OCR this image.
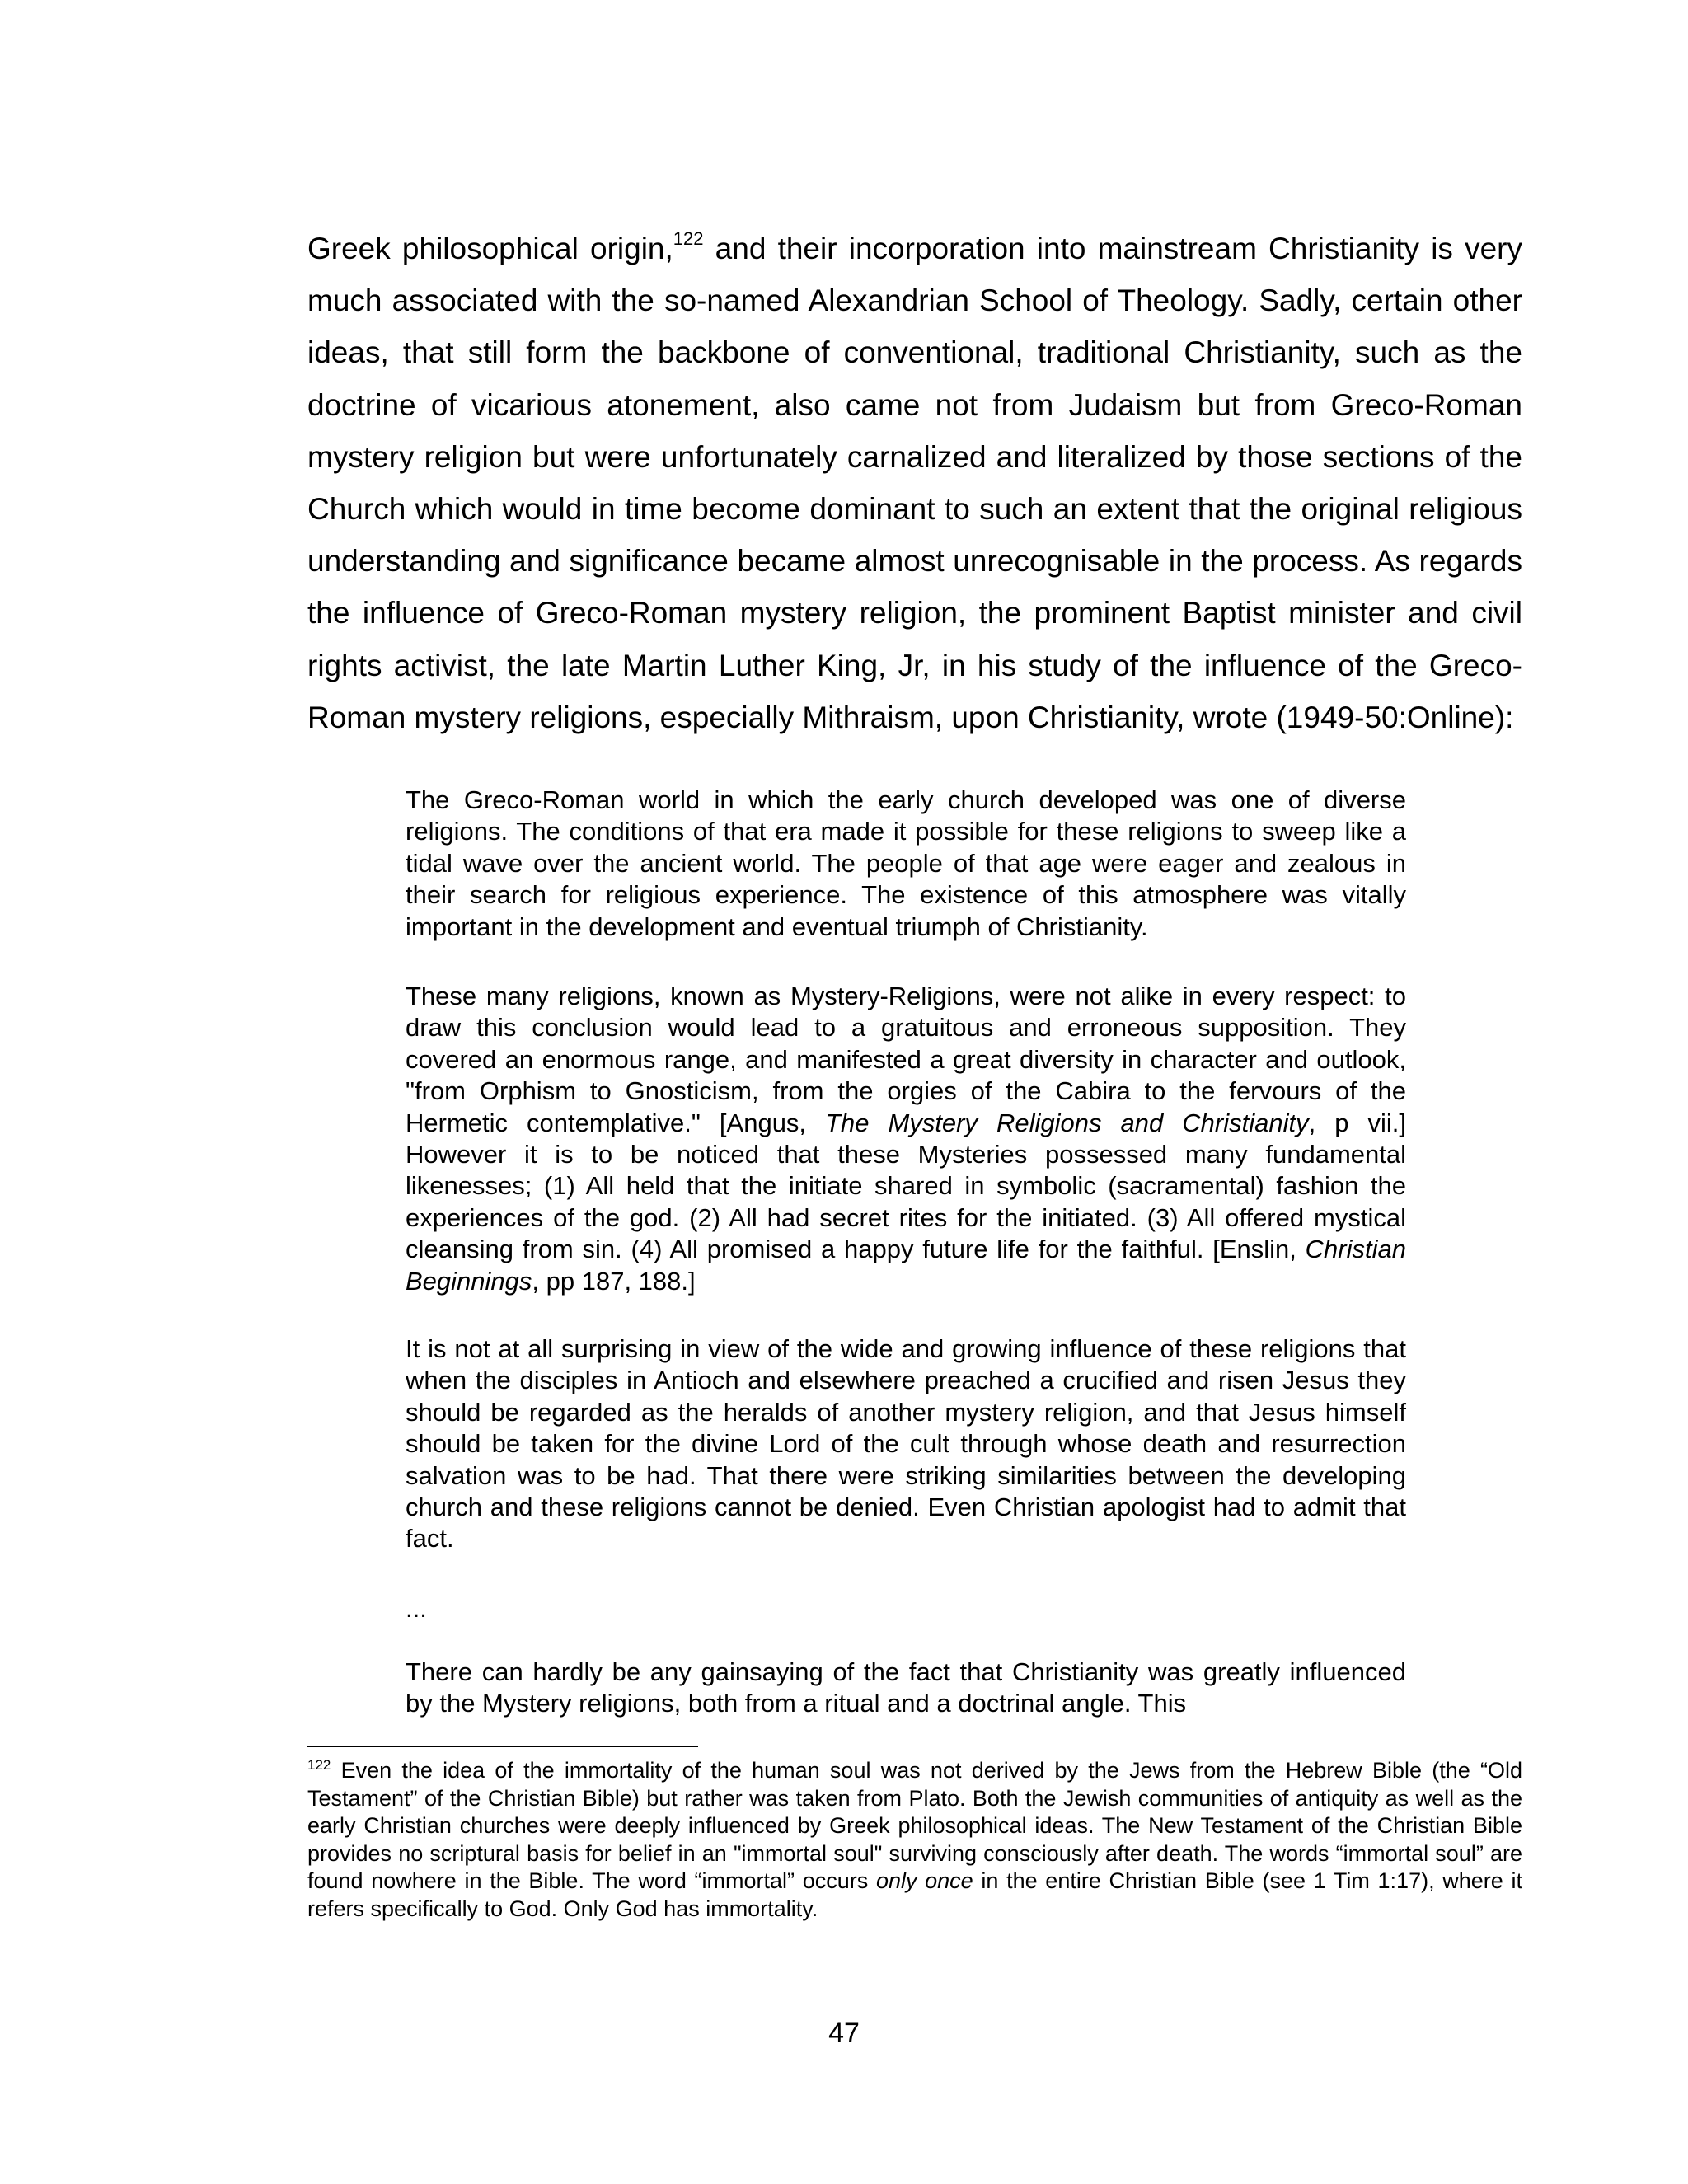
Greek philosophical origin,$^{122}$ and their incorporation into mainstream Christianity is very much associated with the so-named Alexandrian School of Theology. Sadly, certain other ideas, that still form the backbone of conventional, traditional Christianity, such as the doctrine of vicarious atonement, also came not from Judaism but from Greco-Roman mystery religion but were unfortunately carnalized and literalized by those sections of the Church which would in time become dominant to such an extent that the original religious understanding and significance became almost unrecognisable in the process. As regards the influence of Greco-Roman mystery religion, the prominent Baptist minister and civil rights activist, the late Martin Luther King, Jr, in his study of the influence of the Greco-Roman mystery religions, especially Mithraism, upon Christianity, wrote (1949-50:Online):

The Greco-Roman world in which the early church developed was one of diverse religions. The conditions of that era made it possible for these religions to sweep like a tidal wave over the ancient world. The people of that age were eager and zealous in their search for religious experience. The existence of this atmosphere was vitally important in the development and eventual triumph of Christianity.

These many religions, known as Mystery-Religions, were not alike in every respect: to draw this conclusion would lead to a gratuitous and erroneous supposition. They covered an enormous range, and manifested a great diversity in character and outlook, "from Orphism to Gnosticism, from the orgies of the Cabira to the fervours of the Hermetic contemplative." [Angus, The Mystery Religions and Christianity, p vii.] However it is to be noticed that these Mysteries possessed many fundamental likenesses; (1) All held that the initiate shared in symbolic (sacramental) fashion the experiences of the god. (2) All had secret rites for the initiated. (3) All offered mystical cleansing from sin. (4) All promised a happy future life for the faithful. [Enslin, Christian Beginnings, pp 187, 188.]

It is not at all surprising in view of the wide and growing influence of these religions that when the disciples in Antioch and elsewhere preached a crucified and risen Jesus they should be regarded as the heralds of another mystery religion, and that Jesus himself should be taken for the divine Lord of the cult through whose death and resurrection salvation was to be had. That there were striking similarities between the developing church and these religions cannot be denied. Even Christian apologist had to admit that fact.

...

There can hardly be any gainsaying of the fact that Christianity was greatly influenced by the Mystery religions, both from a ritual and a doctrinal angle. This

$^{122}$ Even the idea of the immortality of the human soul was not derived by the Jews from the Hebrew Bible (the “Old Testament” of the Christian Bible) but rather was taken from Plato. Both the Jewish communities of antiquity as well as the early Christian churches were deeply influenced by Greek philosophical ideas. The New Testament of the Christian Bible provides no scriptural basis for belief in an "immortal soul" surviving consciously after death. The words “immortal soul” are found nowhere in the Bible. The word “immortal” occurs only once in the entire Christian Bible (see 1 Tim 1:17), where it refers specifically to God. Only God has immortality.

47
